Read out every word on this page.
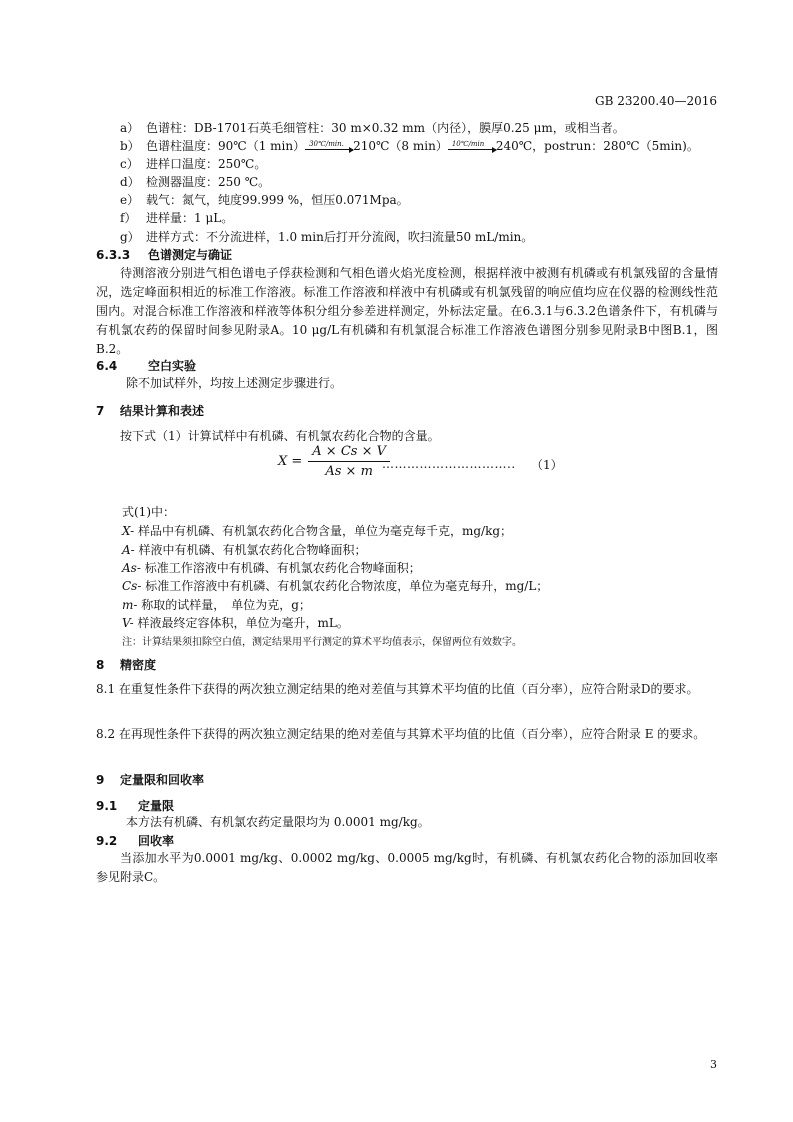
GB 23200.40—2016
a） 色谱柱：DB-1701石英毛细管柱：30 m×0.32 mm（内径），膜厚0.25 μm，或相当者。
b） 色谱柱温度：90℃（1 min） 30℃/min. 210℃（8 min） 10℃/min 240℃，postrun：280℃（5min)。
c） 进样口温度：250℃。
d） 检测器温度：250 ℃。
e） 载气：氮气，纯度99.999 %，恒压0.071Mpa。
f） 进样量：1 μL。
g） 进样方式：不分流进样，1.0 min后打开分流阀，吹扫流量50 mL/min。
6.3.3 色谱测定与确证
待测溶液分别进气相色谱电子俘获检测和气相色谱火焰光度检测，根据样液中被测有机磷或有机氯残留的含量情况，选定峰面积相近的标准工作溶液。标准工作溶液和样液中有机磷或有机氯残留的响应值均应在仪器的检测线性范围内。对混合标准工作溶液和样液等体积分组分参差进样测定，外标法定量。在6.3.1与6.3.2色谱条件下，有机磷与有机氯农药的保留时间参见附录A。10 μg/L有机磷和有机氯混合标准工作溶液色谱图分别参见附录B中图B.1，图B.2。
6.4	空白实验
除不加试样外，均按上述测定步骤进行。
7 结果计算和表述
按下式（1）计算试样中有机磷、有机氯农药化合物的含量。
$X = \frac{A \times Cs \times V}{As \times m}$
………………………….. （1）
式(1)中：
X- 样品中有机磷、有机氯农药化合物含量，单位为毫克每千克，mg/kg；
A- 样液中有机磷、有机氯农药化合物峰面积；
As- 标准工作溶液中有机磷、有机氯农药化合物峰面积；
Cs- 标准工作溶液中有机磷、有机氯农药化合物浓度，单位为毫克每升，mg/L；
m- 称取的试样量，　单位为克，g；
V- 样液最终定容体积，单位为毫升，mL。
注：计算结果须扣除空白值，测定结果用平行测定的算术平均值表示，保留两位有效数字。
8 精密度
8.1 在重复性条件下获得的两次独立测定结果的绝对差值与其算术平均值的比值（百分率），应符合附录D的要求。
8.2 在再现性条件下获得的两次独立测定结果的绝对差值与其算术平均值的比值（百分率），应符合附录 E 的要求。
9 定量限和回收率
9.1 定量限
本方法有机磷、有机氯农药定量限均为 0.0001 mg/kg。
9.2 回收率
当添加水平为0.0001 mg/kg、0.0002 mg/kg、0.0005 mg/kg时，有机磷、有机氯农药化合物的添加回收率参见附录C。
3
